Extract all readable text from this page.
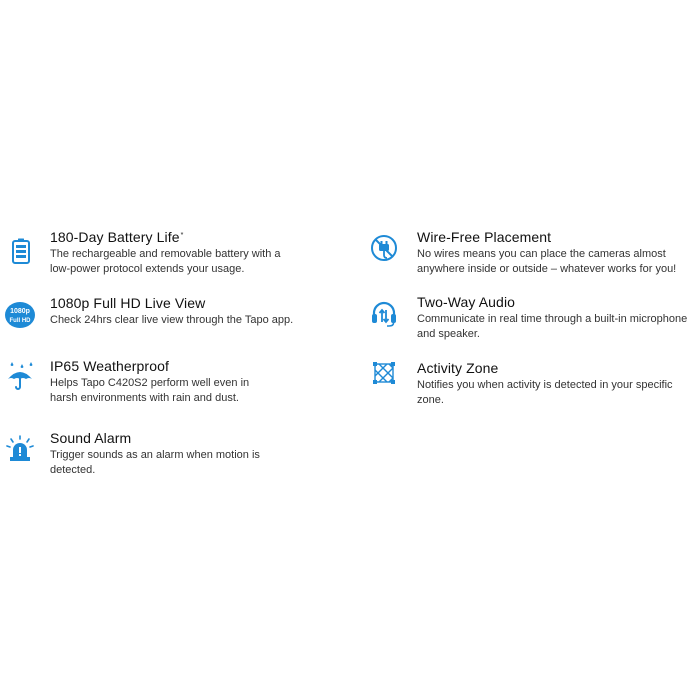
180-Day Battery Life*
The rechargeable and removable battery with a
low-power protocol extends your usage.
1080p
Full HD
1080p Full HD Live View
Check 24hrs clear live view through the Tapo app.
IP65 Weatherproof
Helps Tapo C420S2 perform well even in
harsh environments with rain and dust.
Sound Alarm
Trigger sounds as an alarm when motion is
detected.
Wire-Free Placement
No wires means you can place the cameras almost
anywhere inside or outside – whatever works for you!
Two-Way Audio
Communicate in real time through a built-in microphone
and speaker.
Activity Zone
Notifies you when activity is detected in your specific
zone.
